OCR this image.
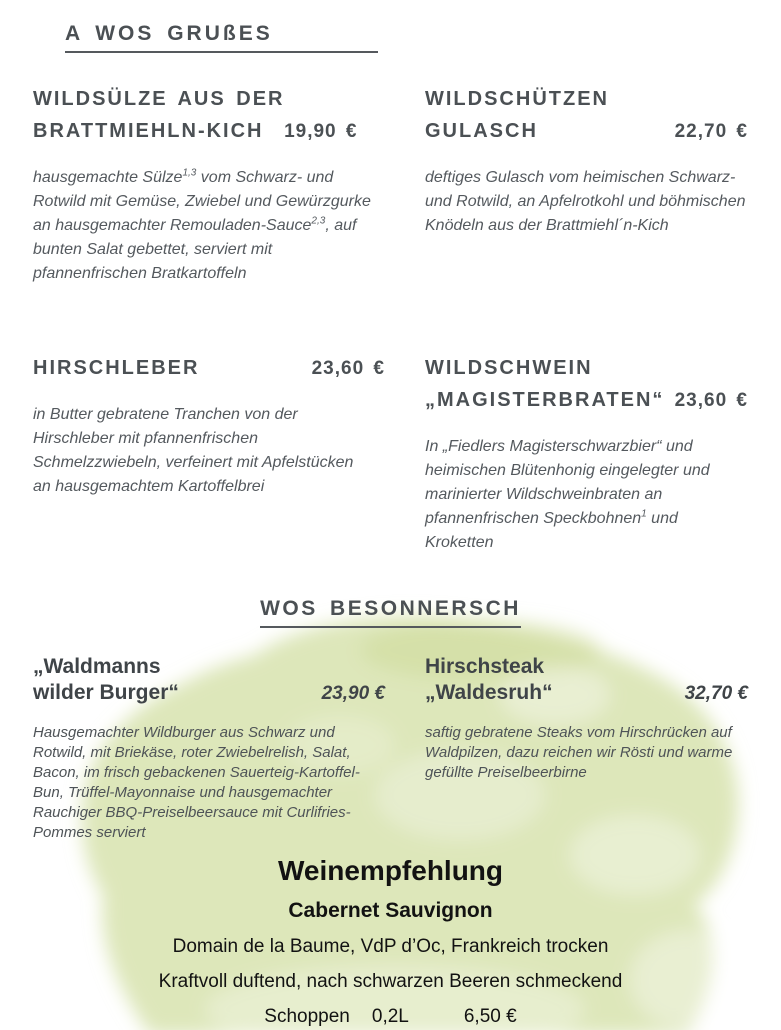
A WOS GRUßES
WILDSÜLZE AUS DER
BRATTMIEHLN-KICH 19,90 €

hausgemachte Sülze$^{1,3}$ vom Schwarz- und Rotwild mit Gemüse, Zwiebel und Gewürzgurke an hausgemachter Remouladen-Sauce$^{2,3}$, auf bunten Salat gebettet, serviert mit pfannenfrischen Bratkartoffeln

WILDSCHÜTZEN
GULASCH	22,70 €

deftiges Gulasch vom heimischen Schwarz- und Rotwild, an Apfelrotkohl und böhmischen Knödeln aus der Brattmiehl´n-Kich

HIRSCHLEBER	23,60 €

in Butter gebratene Tranchen von der Hirschleber mit pfannenfrischen Schmelzzwiebeln, verfeinert mit Apfelstücken an hausgemachtem Kartoffelbrei

WILDSCHWEIN
„MAGISTERBRATEN“ 23,60 €

In „Fiedlers Magisterschwarzbier“ und heimischen Blütenhonig eingelegter und marinierter Wildschweinbraten an pfannenfrischen Speckbohnen$^1$ und Kroketten

WOS BESONNERSCH
„Waldmanns
wilder Burger“	23,90 €

Hausgemachter Wildburger aus Schwarz und Rotwild, mit Briekäse, roter Zwiebelrelish, Salat, Bacon, im frisch gebackenen Sauerteig-Kartoffel-Bun, Trüffel-Mayonnaise und hausgemachter Rauchiger BBQ-Preiselbeersauce mit Curlifries-Pommes serviert

Hirschsteak
„Waldesruh“	32,70 €

saftig gebratene Steaks vom Hirschrücken auf Waldpilzen, dazu reichen wir Rösti und warme gefüllte Preiselbeerbirne

Weinempfehlung
Cabernet Sauvignon
Domain de la Baume, VdP d’Oc, Frankreich trocken
Kraftvoll duftend, nach schwarzen Beeren schmeckend
Schoppen 0,2L	6,50 €
